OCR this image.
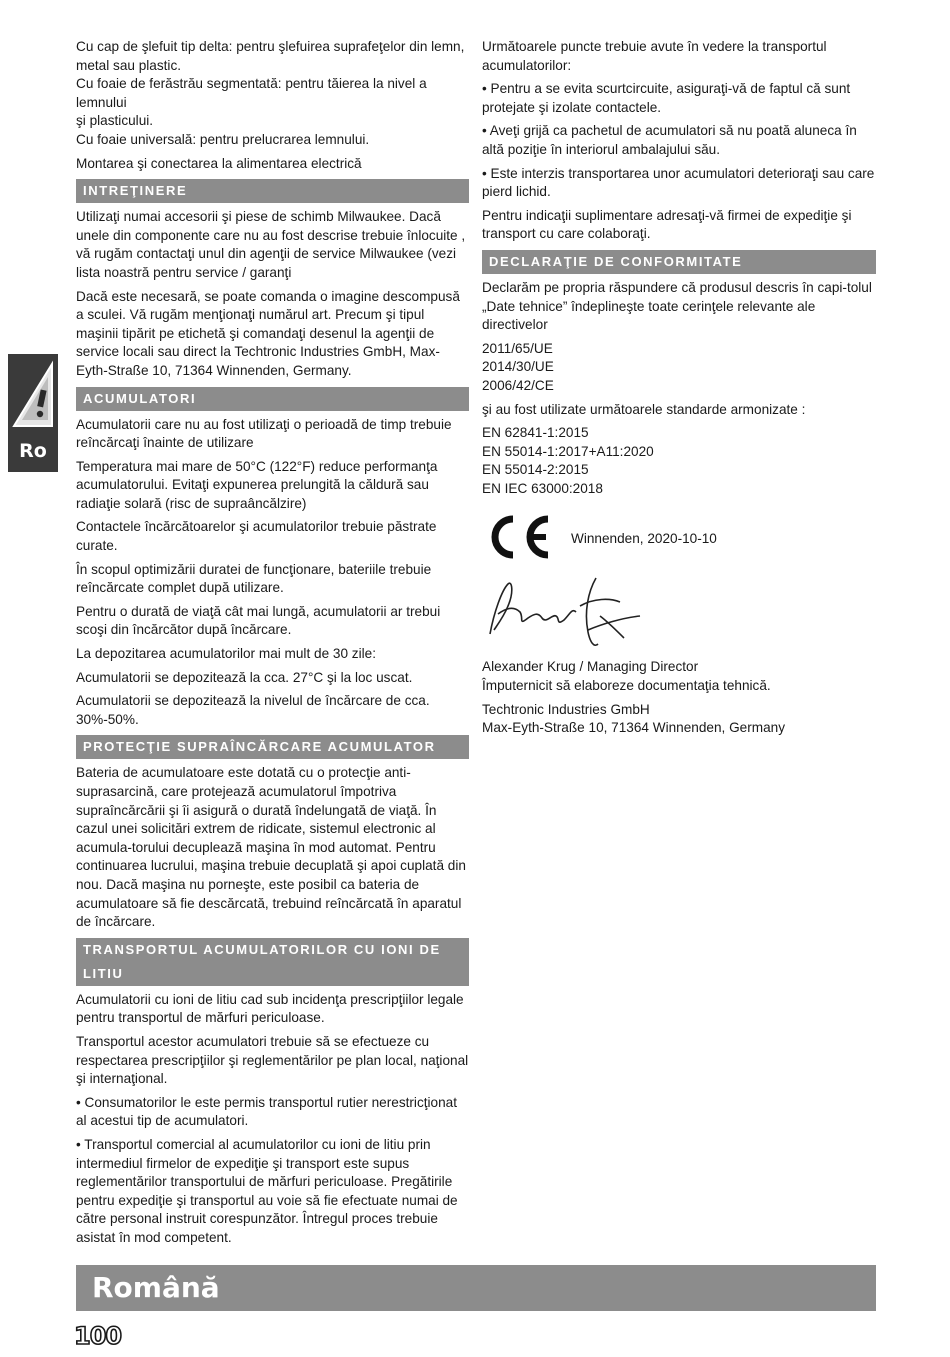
Ro
Cu cap de şlefuit tip delta: pentru şlefuirea suprafeţelor din lemn,
metal sau plastic.
Cu foaie de ferăstrău segmentată: pentru tăierea la nivel a lemnului
şi plasticului.
Cu foaie universală: pentru prelucrarea lemnului.

Montarea şi conectarea la alimentarea electrică

INTREŢINERE

Utilizaţi numai accesorii şi piese de schimb Milwaukee. Dacă unele din componente care nu au fost descrise trebuie înlocuite , vă rugăm contactaţi unul din agenţii de service Milwaukee (vezi lista noastră pentru service / garanţi

Dacă este necesară, se poate comanda o imagine descompusă a sculei. Vă rugăm menţionaţi numărul art. Precum şi tipul maşinii tipărit pe etichetă şi comandaţi desenul la agenţii de service locali sau direct la Techtronic Industries GmbH, Max-Eyth-Straße 10, 71364 Winnenden, Germany.

ACUMULATORI

Acumulatorii care nu au fost utilizaţi o perioadă de timp trebuie reîncărcaţi înainte de utilizare

Temperatura mai mare de 50°C (122°F) reduce performanţa acumulatorului. Evitaţi expunerea prelungită la căldură sau radiaţie solară (risc de supraâncălzire)

Contactele încărcătoarelor şi acumulatorilor trebuie păstrate curate.

În scopul optimizării duratei de funcţionare, bateriile trebuie reîncărcate complet după utilizare.

Pentru o durată de viaţă cât mai lungă, acumulatorii ar trebui scoşi din încărcător după încărcare.

La depozitarea acumulatorilor mai mult de 30 zile:

Acumulatorii se depozitează la cca. 27°C şi la loc uscat.

Acumulatorii se depozitează la nivelul de încărcare de cca. 30%-50%.

PROTECŢIE SUPRAÎNCĂRCARE ACUMULATOR

Bateria de acumulatoare este dotată cu o protecţie anti-suprasarcină, care protejează acumulatorul împotriva supraîncărcării şi îi asigură o durată îndelungată de viaţă. În cazul unei solicitări extrem de ridicate, sistemul electronic al acumula-torului decuplează maşina în mod automat. Pentru continuarea lucrului, maşina trebuie decuplată şi apoi cuplată din nou. Dacă maşina nu porneşte, este posibil ca bateria de acumulatoare să fie descărcată, trebuind reîncărcată în aparatul de încărcare.

TRANSPORTUL ACUMULATORILOR CU IONI DE LITIU

Acumulatorii cu ioni de litiu cad sub incidenţa prescripţiilor legale pentru transportul de mărfuri periculoase.

Transportul acestor acumulatori trebuie să se efectueze cu respectarea prescripţiilor şi reglementărilor pe plan local, naţional şi internaţional.

• Consumatorilor le este permis transportul rutier nerestricţionat al acestui tip de acumulatori.

• Transportul comercial al acumulatorilor cu ioni de litiu prin intermediul firmelor de expediţie şi transport este supus reglementărilor transportului de mărfuri periculoase. Pregătirile pentru expediţie şi transportul au voie să fie efectuate numai de către personal instruit corespunzător. Întregul proces trebuie asistat în mod competent.

Următoarele puncte trebuie avute în vedere la transportul acumulatorilor:

• Pentru a se evita scurtcircuite, asiguraţi-vă de faptul că sunt protejate şi izolate contactele.

• Aveţi grijă ca pachetul de acumulatori să nu poată aluneca în altă poziţie în interiorul ambalajului său.

• Este interzis transportarea unor acumulatori deterioraţi sau care pierd lichid.

Pentru indicaţii suplimentare adresaţi-vă firmei de expediţie şi transport cu care colaboraţi.

DECLARAŢIE DE CONFORMITATE

Declarăm pe propria răspundere că produsul descris în capi-tolul „Date tehnice” îndeplineşte toate cerinţele relevante ale directivelor

2011/65/UE
2014/30/UE
2006/42/CE

şi au fost utilizate următoarele standarde armonizate :

EN 62841-1:2015
EN 55014-1:2017+A11:2020
EN 55014-2:2015
EN IEC 63000:2018
Winnenden, 2020-10-10
Alexander Krug / Managing Director
Împuternicit să elaboreze documentaţia tehnică.
Techtronic Industries GmbH
Max-Eyth-Straße 10, 71364 Winnenden, Germany
Română
100
